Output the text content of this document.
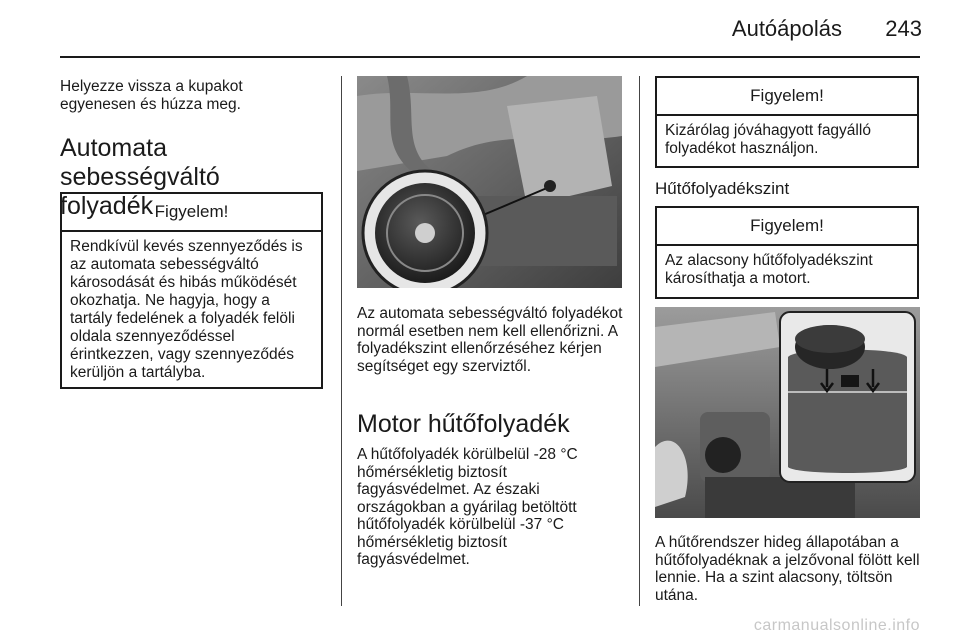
Autóápolás 243

Helyezze vissza a kupakot egyenesen és húzza meg.

Automata sebességváltó
folyadék Figyelem!
Rendkívül kevés szennyeződés is az automata sebességváltó károsodását és hibás működését okozhatja. Ne hagyja, hogy a tartály fedelének a folyadék felöli oldala szennyeződéssel érintkezzen, vagy szennyeződés kerüljön a tartályba.

Az automata sebességváltó folyadékot normál esetben nem kell ellenőrizni. A folyadékszint ellenőrzéséhez kérjen segítséget egy szerviztől.

Motor hűtőfolyadék

A hűtőfolyadék körülbelül -28 °C hőmérsékletig biztosít fagyásvédelmet. Az északi országokban a gyárilag betöltött hűtőfolyadék körülbelül -37 °C hőmérsékletig biztosít fagyásvédelmet.

Figyelem!
Kizárólag jóváhagyott fagyálló folyadékot használjon.
Hűtőfolyadékszint
Figyelem!
Az alacsony hűtőfolyadékszint károsíthatja a motort.

A hűtőrendszer hideg állapotában a hűtőfolyadéknak a jelzővonal fölött kell lennie. Ha a szint alacsony, töltsön utána.

carmanualsonline.info
